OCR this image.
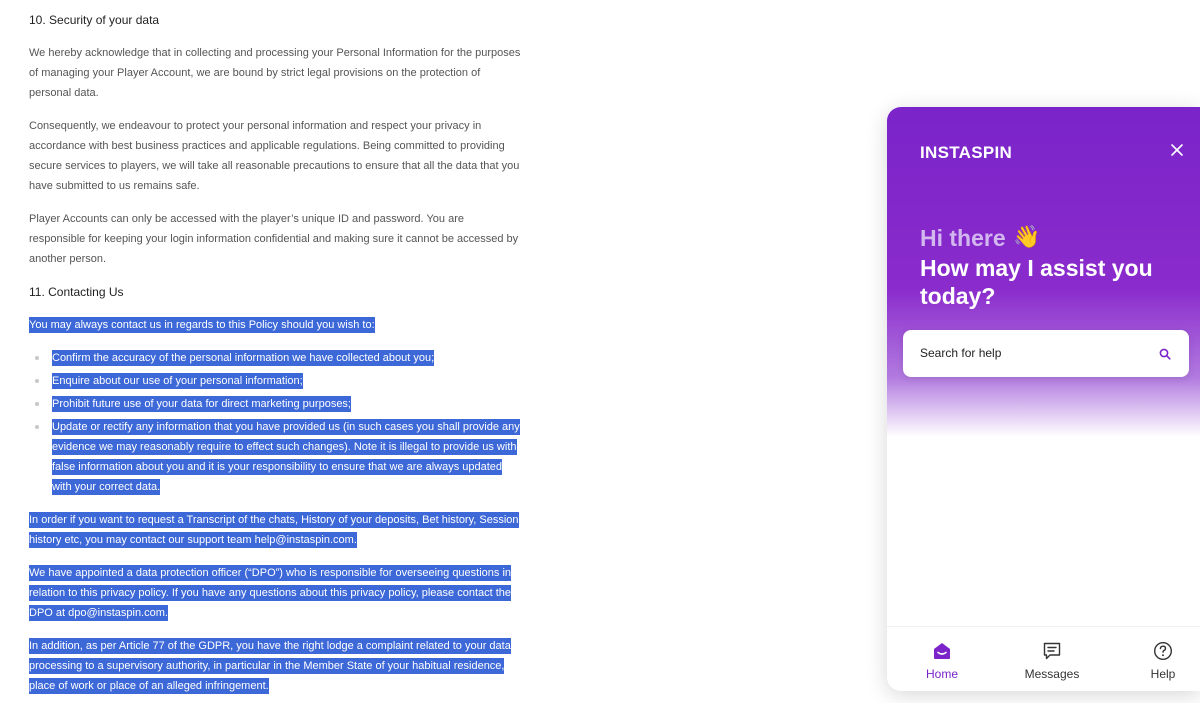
10. Security of your data

We hereby acknowledge that in collecting and processing your Personal Information for the purposes of managing your Player Account, we are bound by strict legal provisions on the protection of personal data.

Consequently, we endeavour to protect your personal information and respect your privacy in accordance with best business practices and applicable regulations. Being committed to providing secure services to players, we will take all reasonable precautions to ensure that all the data that you have submitted to us remains safe.

Player Accounts can only be accessed with the player’s unique ID and password. You are responsible for keeping your login information confidential and making sure it cannot be accessed by another person.

11. Contacting Us

You may always contact us in regards to this Policy should you wish to:

Confirm the accuracy of the personal information we have collected about you;
Enquire about our use of your personal information;
Prohibit future use of your data for direct marketing purposes;
Update or rectify any information that you have provided us (in such cases you shall provide any evidence we may reasonably require to effect such changes). Note it is illegal to provide us with false information about you and it is your responsibility to ensure that we are always updated with your correct data.

In order if you want to request a Transcript of the chats, History of your deposits, Bet history, Session history etc, you may contact our support team help@instaspin.com.

We have appointed a data protection officer (“DPO”) who is responsible for overseeing questions in relation to this privacy policy. If you have any questions about this privacy policy, please contact the DPO at dpo@instaspin.com.

In addition, as per Article 77 of the GDPR, you have the right lodge a complaint related to your data processing to a supervisory authority, in particular in the Member State of your habitual residence, place of work or place of an alleged infringement.

INSTASPIN
Hi there 👋
How may I assist you today?
Search for help
Home	Messages	Help
